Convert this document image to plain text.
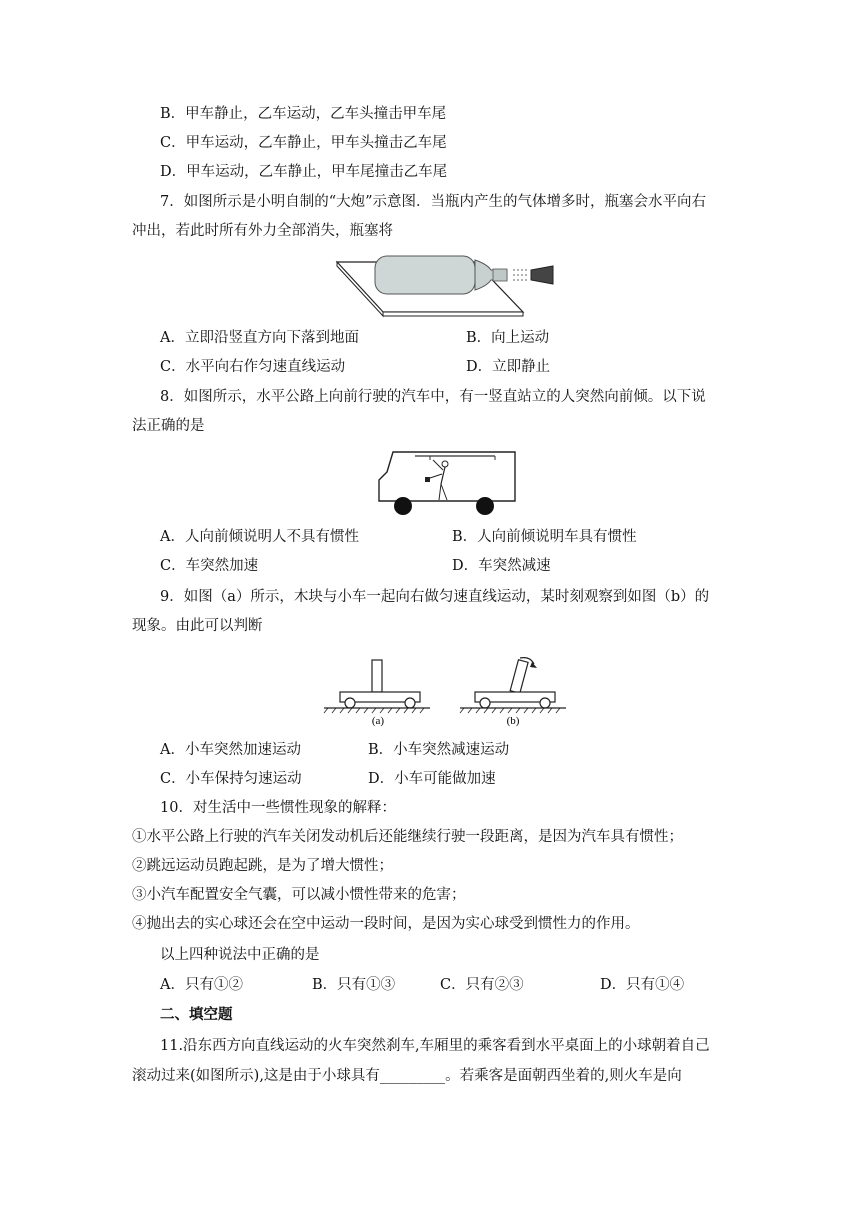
B．甲车静止，乙车运动，乙车头撞击甲车尾
C．甲车运动，乙车静止，甲车头撞击乙车尾
D．甲车运动，乙车静止，甲车尾撞击乙车尾
7．如图所示是小明自制的“大炮”示意图．当瓶内产生的气体增多时，瓶塞会水平向右
冲出，若此时所有外力全部消失，瓶塞将
A．立即沿竖直方向下落到地面	B．向上运动
C．水平向右作匀速直线运动	D．立即静止
8．如图所示，水平公路上向前行驶的汽车中，有一竖直站立的人突然向前倾。以下说
法正确的是
A．人向前倾说明人不具有惯性	B．人向前倾说明车具有惯性
C．车突然加速	D．车突然减速
9．如图（a）所示，木块与小车一起向右做匀速直线运动，某时刻观察到如图（b）的
现象。由此可以判断
(a)	(b)
A．小车突然加速运动	B．小车突然减速运动
C．小车保持匀速运动	D．小车可能做加速
10．对生活中一些惯性现象的解释：
①水平公路上行驶的汽车关闭发动机后还能继续行驶一段距离，是因为汽车具有惯性；
②跳远运动员跑起跳，是为了增大惯性；
③小汽车配置安全气囊，可以减小惯性带来的危害；
④抛出去的实心球还会在空中运动一段时间，是因为实心球受到惯性力的作用。
以上四种说法中正确的是
A．只有①②	B．只有①③	C．只有②③	D．只有①④
二、填空题
11.沿东西方向直线运动的火车突然刹车,车厢里的乘客看到水平桌面上的小球朝着自己
滚动过来(如图所示),这是由于小球具有_________。若乘客是面朝西坐着的,则火车是向
